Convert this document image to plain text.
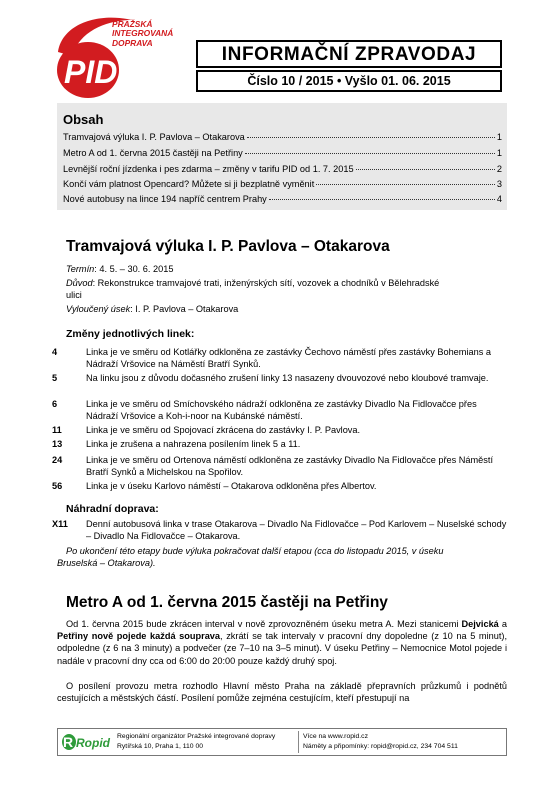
PID
PRAŽSKÁ
INTEGROVANÁ
DOPRAVA
INFORMAČNÍ ZPRAVODAJ
Číslo 10 / 2015 • Vyšlo 01. 06. 2015
Obsah
Tramvajová výluka I. P. Pavlova – Otakarova	1
Metro A od 1. června 2015 častěji na Petřiny	1
Levnější roční jízdenka i pes zdarma – změny v tarifu PID od 1. 7. 2015	2
Končí vám platnost Opencard? Můžete si ji bezplatně vyměnit	3
Nové autobusy na lince 194 napříč centrem Prahy	4
Tramvajová výluka I. P. Pavlova – Otakarova
Termín: 4. 5. – 30. 6. 2015
Důvod: Rekonstrukce tramvajové trati, inženýrských sítí, vozovek a chodníků v Bělehradské
ulici
Vyloučený úsek: I. P. Pavlova – Otakarova
Změny jednotlivých linek:
4	Linka je ve směru od Kotlářky odkloněna ze zastávky Čechovo náměstí přes zastávky Bohemians a Nádraží Vršovice na Náměstí Bratří Synků.
5	Na linku jsou z důvodu dočasného zrušení linky 13 nasazeny dvouvozové nebo kloubové tramvaje.
6	Linka je ve směru od Smíchovského nádraží odkloněna ze zastávky Divadlo Na Fidlovačce přes Nádraží Vršovice a Koh-i-noor na Kubánské náměstí.
11	Linka je ve směru od Spojovací zkrácena do zastávky I. P. Pavlova.
13	Linka je zrušena a nahrazena posílením linek 5 a 11.
24	Linka je ve směru od Ortenova náměstí odkloněna ze zastávky Divadlo Na Fidlovačce přes Náměstí Bratří Synků a Michelskou na Spořilov.
56	Linka je v úseku Karlovo náměstí – Otakarova odkloněna přes Albertov.
Náhradní doprava:
X11 Denní autobusová linka v trase Otakarova – Divadlo Na Fidlovačce – Pod Karlovem – Nuselské schody – Divadlo Na Fidlovačce – Otakarova.
Po ukončení této etapy bude výluka pokračovat další etapou (cca do listopadu 2015, v úseku
Bruselská – Otakarova).
Metro A od 1. června 2015 častěji na Petřiny
Od 1. června 2015 bude zkrácen interval v nově zprovozněném úseku metra A. Mezi stanicemi Dejvická a Petřiny nově pojede každá souprava, zkrátí se tak intervaly v pracovní dny dopoledne (z 10 na 5 minut), odpoledne (z 6 na 3 minuty) a podvečer (ze 7–10 na 3–5 minut). V úseku Petřiny – Nemocnice Motol pojede i nadále v pracovní dny cca od 6:00 do 20:00 pouze každý druhý spoj.
O posílení provozu metra rozhodlo Hlavní město Praha na základě přepravních průzkumů i podnětů cestujících a městských částí. Posílení pomůže zejména cestujícím, kteří přestupují na
R Ropid Regionální organizátor Pražské integrované dopravy
Rytířská 10, Praha 1, 110 00
Více na www.ropid.cz
Náměty a připomínky: ropid@ropid.cz, 234 704 511
